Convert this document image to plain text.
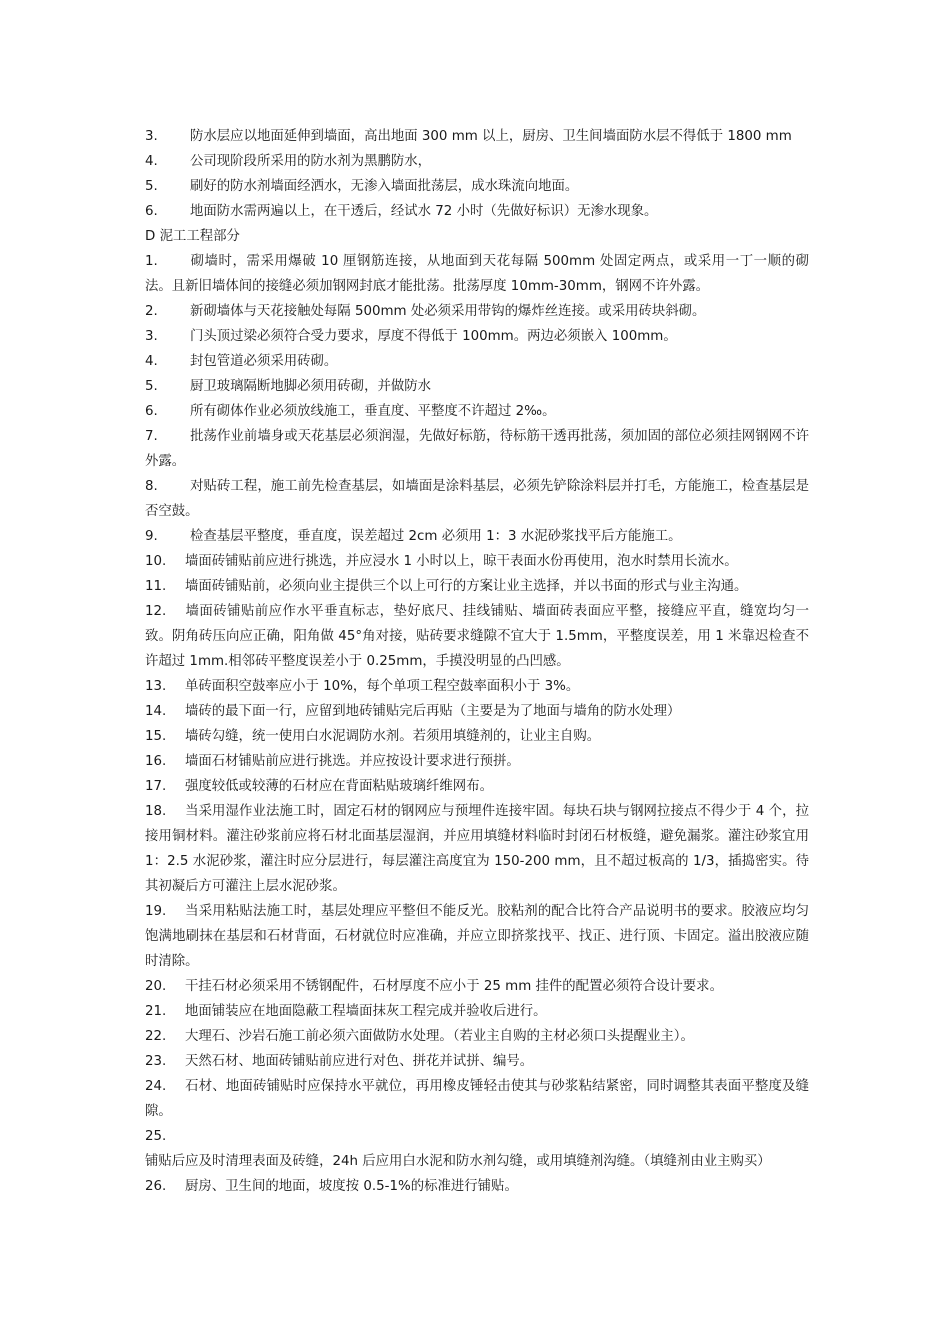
3. 防水层应以地面延伸到墙面，高出地面 300 mm 以上，厨房、卫生间墙面防水层不得低于 1800 mm

4. 公司现阶段所采用的防水剂为黑鹏防水，

5. 刷好的防水剂墙面经洒水，无渗入墙面批荡层，成水珠流向地面。

6. 地面防水需两遍以上，在干透后，经试水 72 小时（先做好标识）无渗水现象。

D 泥工工程部分

1. 砌墙时，需采用爆破 10 厘钢筋连接，从地面到天花每隔 500mm 处固定两点，或采用一丁一顺的砌法。且新旧墙体间的接缝必须加钢网封底才能批荡。批荡厚度 10mm-30mm，钢网不许外露。

2. 新砌墙体与天花接触处每隔 500mm 处必须采用带钩的爆炸丝连接。或采用砖块斜砌。

3. 门头顶过梁必须符合受力要求，厚度不得低于 100mm。两边必须嵌入 100mm。

4. 封包管道必须采用砖砌。

5. 厨卫玻璃隔断地脚必须用砖砌，并做防水

6. 所有砌体作业必须放线施工，垂直度、平整度不许超过 2‰。

7. 批荡作业前墙身或天花基层必须润湿，先做好标筋，待标筋干透再批荡，须加固的部位必须挂网钢网不许外露。

8. 对贴砖工程，施工前先检查基层，如墙面是涂料基层，必须先铲除涂料层并打毛，方能施工，检查基层是否空鼓。

9. 检查基层平整度，垂直度，误差超过 2cm 必须用 1：3 水泥砂浆找平后方能施工。

10. 墙面砖铺贴前应进行挑选，并应浸水 1 小时以上，晾干表面水份再使用，泡水时禁用长流水。

11. 墙面砖铺贴前，必须向业主提供三个以上可行的方案让业主选择，并以书面的形式与业主沟通。

12. 墙面砖铺贴前应作水平垂直标志，垫好底尺、挂线铺贴、墙面砖表面应平整，接缝应平直，缝宽均匀一致。阴角砖压向应正确，阳角做 45°角对接，贴砖要求缝隙不宜大于 1.5mm，平整度误差，用 1 米靠迟检查不许超过 1mm.相邻砖平整度误差小于 0.25mm，手摸没明显的凸凹感。

13. 单砖面积空鼓率应小于 10%，每个单项工程空鼓率面积小于 3%。

14. 墙砖的最下面一行，应留到地砖铺贴完后再贴（主要是为了地面与墙角的防水处理）

15. 墙砖勾缝，统一使用白水泥调防水剂。若须用填缝剂的，让业主自购。

16. 墙面石材铺贴前应进行挑选。并应按设计要求进行预拼。

17. 强度较低或较薄的石材应在背面粘贴玻璃纤维网布。

18. 当采用湿作业法施工时，固定石材的钢网应与预埋件连接牢固。每块石块与钢网拉接点不得少于 4 个，拉接用铜材料。灌注砂浆前应将石材北面基层湿润，并应用填缝材料临时封闭石材板缝，避免漏浆。灌注砂浆宜用 1：2.5 水泥砂浆，灌注时应分层进行，每层灌注高度宜为 150-200 mm，且不超过板高的 1/3，插捣密实。待其初凝后方可灌注上层水泥砂浆。

19. 当采用粘贴法施工时，基层处理应平整但不能反光。胶粘剂的配合比符合产品说明书的要求。胶液应均匀饱满地刷抹在基层和石材背面，石材就位时应准确，并应立即挤浆找平、找正、进行顶、卡固定。溢出胶液应随时清除。

20. 干挂石材必须采用不锈钢配件，石材厚度不应小于 25 mm 挂件的配置必须符合设计要求。

21. 地面铺装应在地面隐蔽工程墙面抹灰工程完成并验收后进行。

22. 大理石、沙岩石施工前必须六面做防水处理。（若业主自购的主材必须口头提醒业主）。

23. 天然石材、地面砖铺贴前应进行对色、拼花并试拼、编号。

24. 石材、地面砖铺贴时应保持水平就位，再用橡皮锤轻击使其与砂浆粘结紧密，同时调整其表面平整度及缝隙。

25.铺贴后应及时清理表面及砖缝，24h 后应用白水泥和防水剂勾缝，或用填缝剂沟缝。（填缝剂由业主购买）

26. 厨房、卫生间的地面，坡度按 0.5-1%的标准进行铺贴。
